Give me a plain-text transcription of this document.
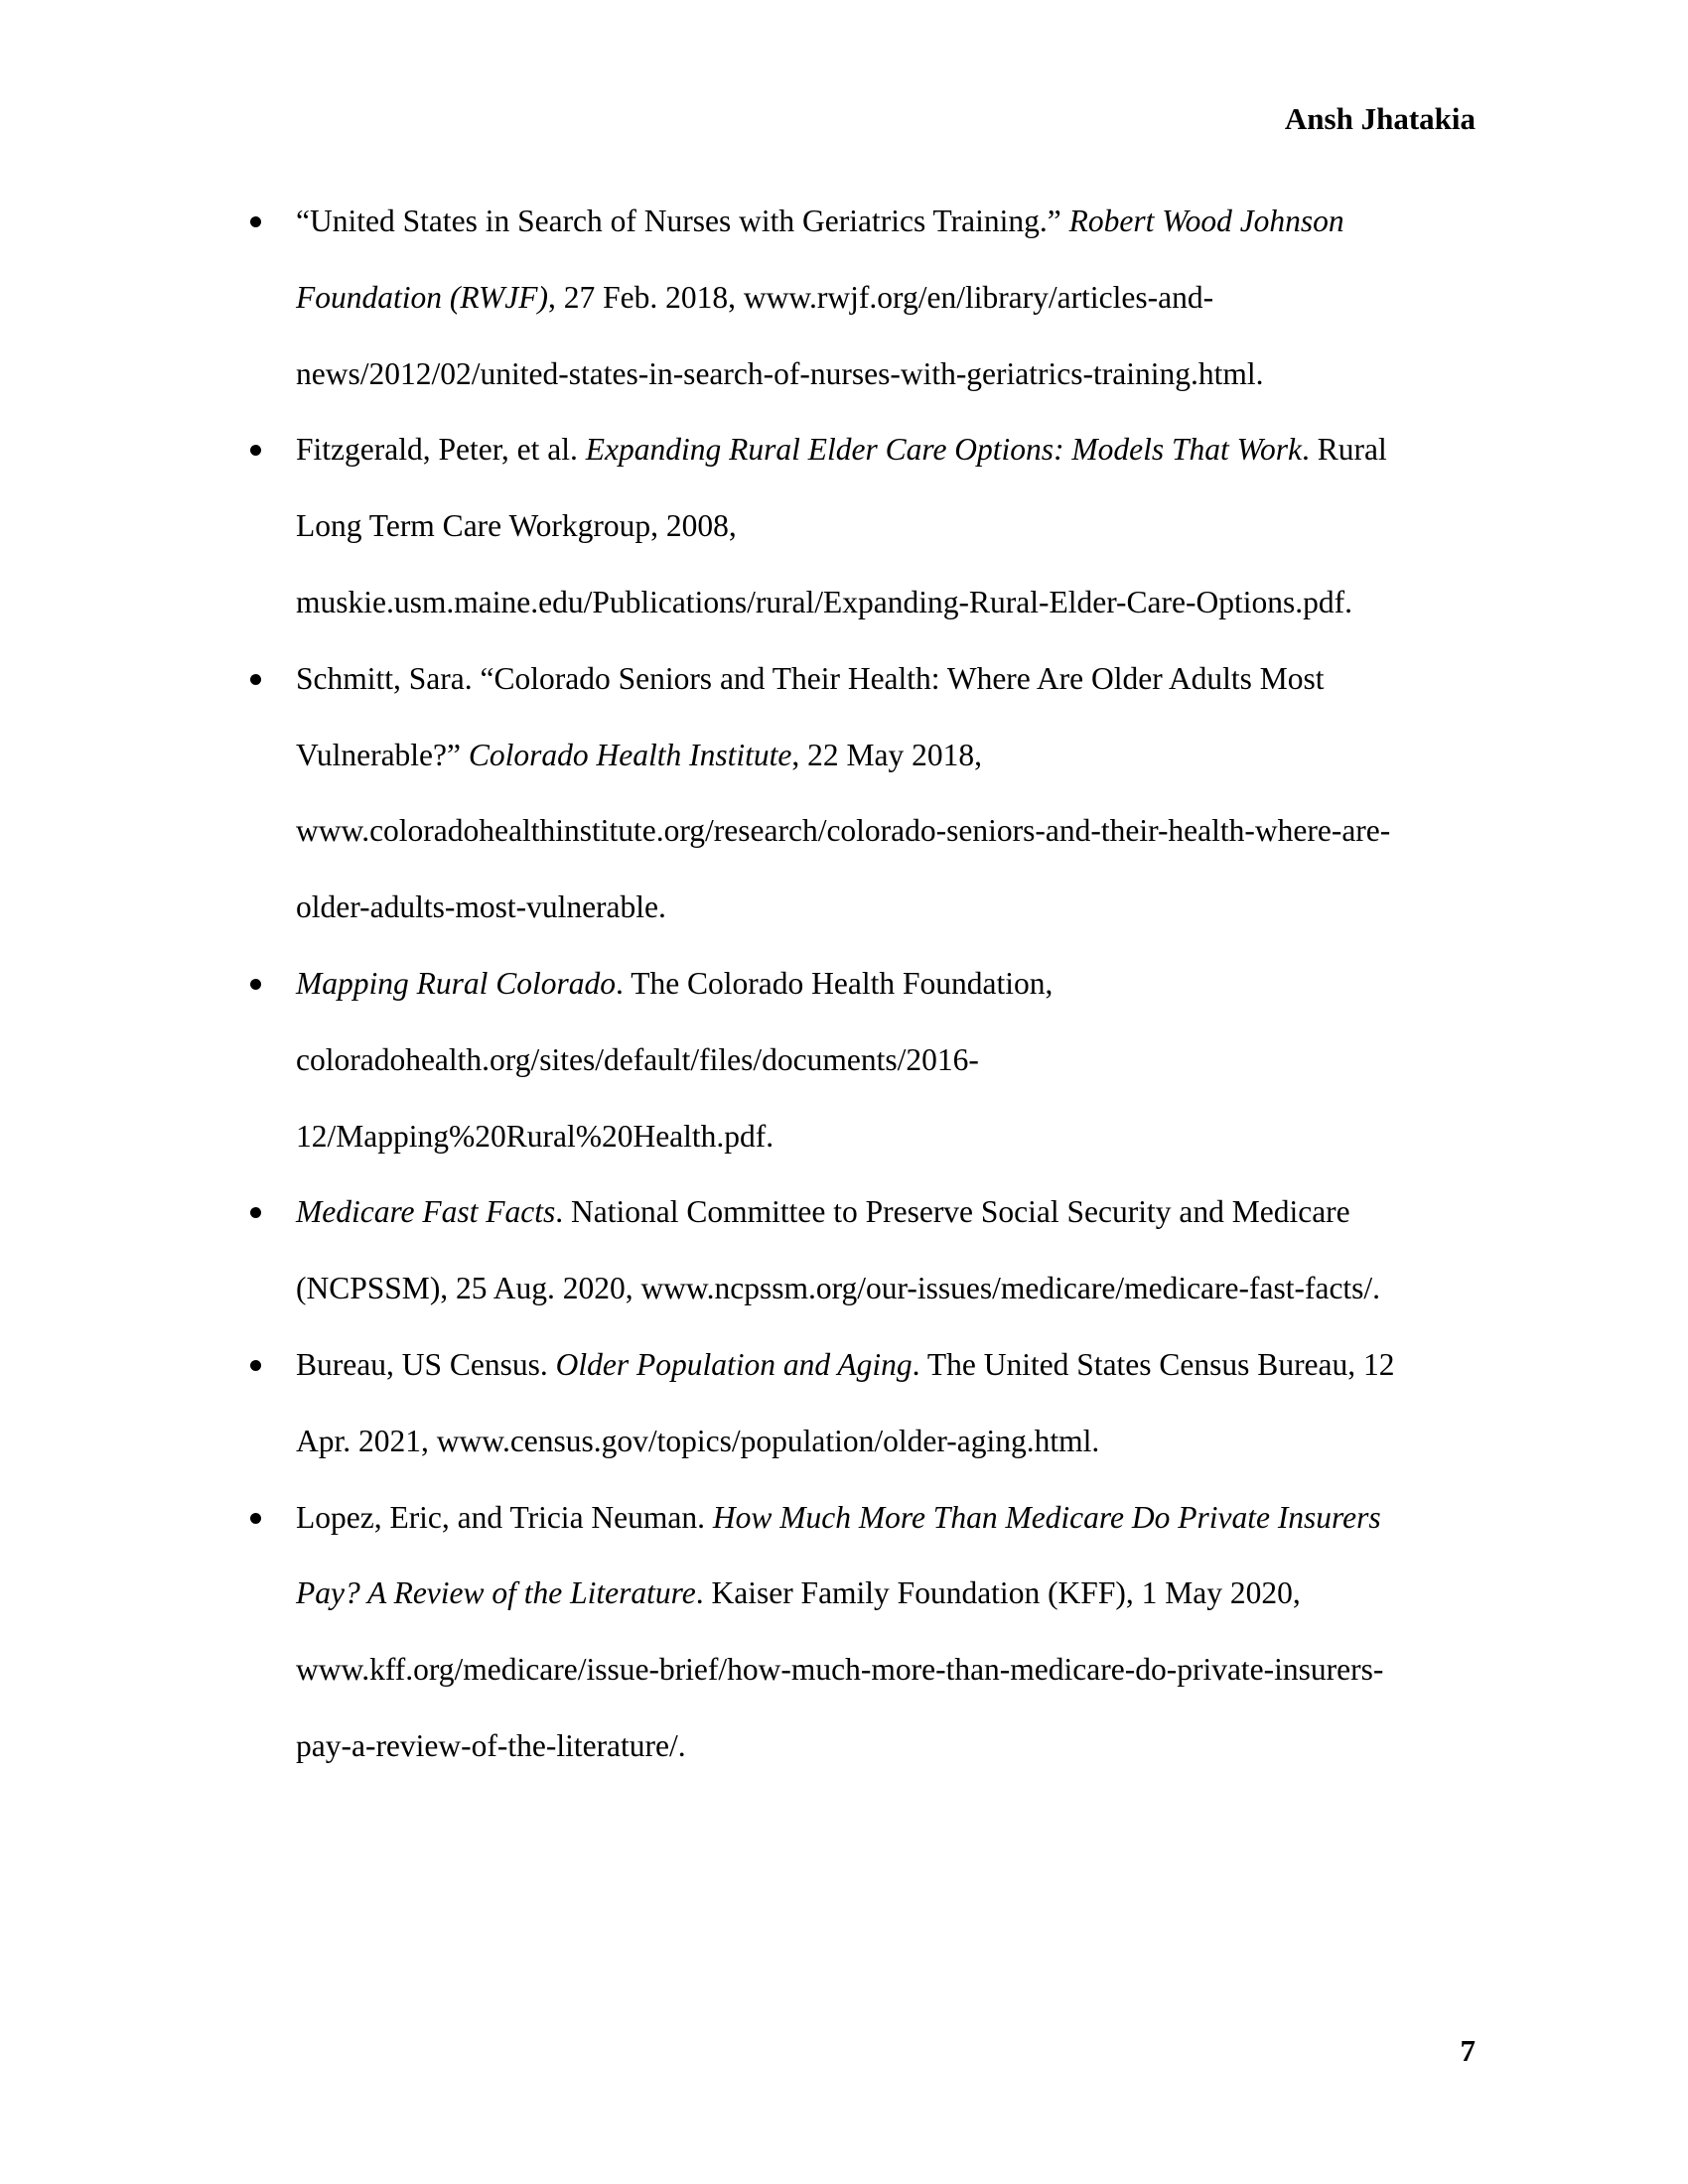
Ansh Jhatakia
“United States in Search of Nurses with Geriatrics Training.” Robert Wood Johnson
Foundation (RWJF), 27 Feb. 2018, www.rwjf.org/en/library/articles-and-
news/2012/02/united-states-in-search-of-nurses-with-geriatrics-training.html.
Fitzgerald, Peter, et al. Expanding Rural Elder Care Options: Models That Work. Rural
Long Term Care Workgroup, 2008,
muskie.usm.maine.edu/Publications/rural/Expanding-Rural-Elder-Care-Options.pdf.
Schmitt, Sara. “Colorado Seniors and Their Health: Where Are Older Adults Most
Vulnerable?” Colorado Health Institute, 22 May 2018,
www.coloradohealthinstitute.org/research/colorado-seniors-and-their-health-where-are-
older-adults-most-vulnerable.
Mapping Rural Colorado. The Colorado Health Foundation,
coloradohealth.org/sites/default/files/documents/2016-
12/Mapping%20Rural%20Health.pdf.
Medicare Fast Facts. National Committee to Preserve Social Security and Medicare
(NCPSSM), 25 Aug. 2020, www.ncpssm.org/our-issues/medicare/medicare-fast-facts/.
Bureau, US Census. Older Population and Aging. The United States Census Bureau, 12
Apr. 2021, www.census.gov/topics/population/older-aging.html.
Lopez, Eric, and Tricia Neuman. How Much More Than Medicare Do Private Insurers
Pay? A Review of the Literature. Kaiser Family Foundation (KFF), 1 May 2020,
www.kff.org/medicare/issue-brief/how-much-more-than-medicare-do-private-insurers-
pay-a-review-of-the-literature/.
7
